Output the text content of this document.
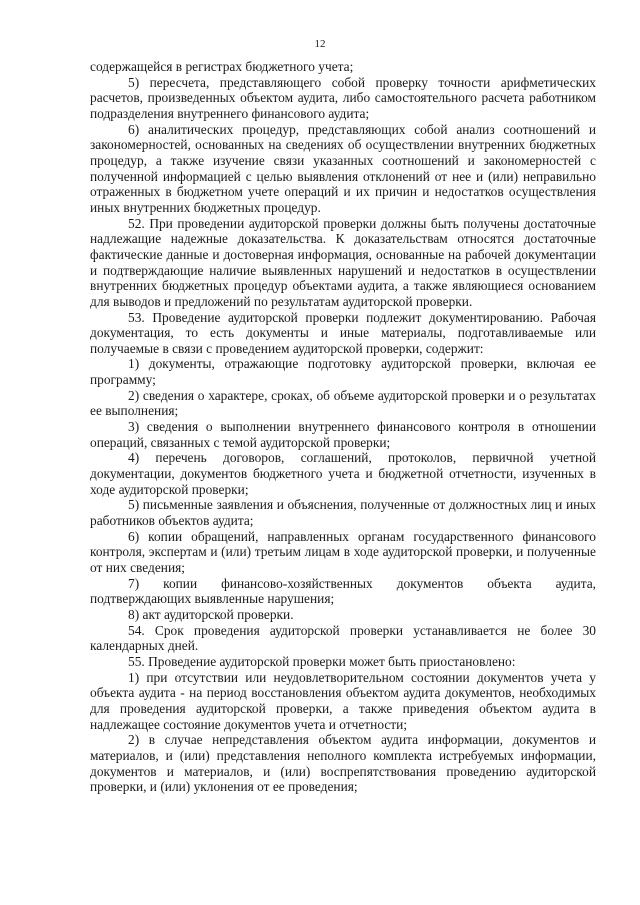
12

содержащейся в регистрах бюджетного учета;

5) пересчета, представляющего собой проверку точности арифметических расчетов, произведенных объектом аудита, либо самостоятельного расчета работником подразделения внутреннего финансового аудита;

6) аналитических процедур, представляющих собой анализ соотношений и закономерностей, основанных на сведениях об осуществлении внутренних бюджетных процедур, а также изучение связи указанных соотношений и закономерностей с полученной информацией с целью выявления отклонений от нее и (или) неправильно отраженных в бюджетном учете операций и их причин и недостатков осуществления иных внутренних бюджетных процедур.

52. При проведении аудиторской проверки должны быть получены достаточные надлежащие надежные доказательства. К доказательствам относятся достаточные фактические данные и достоверная информация, основанные на рабочей документации и подтверждающие наличие выявленных нарушений и недостатков в осуществлении внутренних бюджетных процедур объектами аудита, а также являющиеся основанием для выводов и предложений по результатам аудиторской проверки.

53. Проведение аудиторской проверки подлежит документированию. Рабочая документация, то есть документы и иные материалы, подготавливаемые или получаемые в связи с проведением аудиторской проверки, содержит:

1) документы, отражающие подготовку аудиторской проверки, включая ее программу;

2) сведения о характере, сроках, об объеме аудиторской проверки и о результатах ее выполнения;

3) сведения о выполнении внутреннего финансового контроля в отношении операций, связанных с темой аудиторской проверки;

4) перечень договоров, соглашений, протоколов, первичной учетной документации, документов бюджетного учета и бюджетной отчетности, изученных в ходе аудиторской проверки;

5) письменные заявления и объяснения, полученные от должностных лиц и иных работников объектов аудита;

6) копии обращений, направленных органам государственного финансового контроля, экспертам и (или) третьим лицам в ходе аудиторской проверки, и полученные от них сведения;

7) копии финансово-хозяйственных документов объекта аудита, подтверждающих выявленные нарушения;

8) акт аудиторской проверки.

54. Срок проведения аудиторской проверки устанавливается не более 30 календарных дней.

55. Проведение аудиторской проверки может быть приостановлено:

1) при отсутствии или неудовлетворительном состоянии документов учета у объекта аудита - на период восстановления объектом аудита документов, необходимых для проведения аудиторской проверки, а также приведения объектом аудита в надлежащее состояние документов учета и отчетности;

2) в случае непредставления объектом аудита информации, документов и материалов, и (или) представления неполного комплекта истребуемых информации, документов и материалов, и (или) воспрепятствования проведению аудиторской проверки, и (или) уклонения от ее проведения;
